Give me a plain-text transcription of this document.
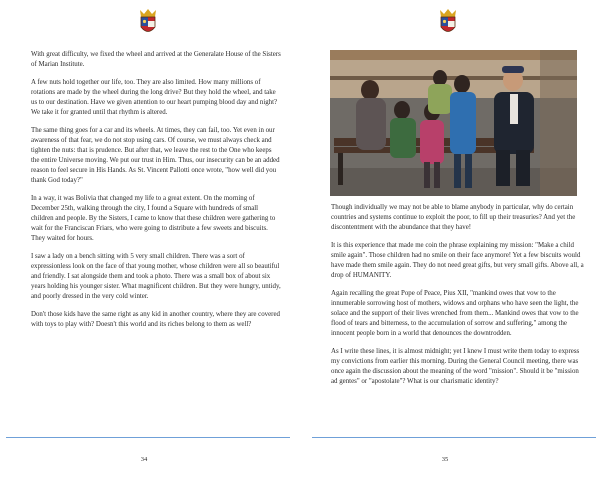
With great difficulty, we fixed the wheel and arrived at the Generalate House of the Sisters of Marian Institute.

A few nuts hold together our life, too. They are also limited. How many millions of rotations are made by the wheel during the long drive? But they hold the wheel, and take us to our destination. Have we given attention to our heart pumping blood day and night? We take it for granted until that rhythm is altered.

The same thing goes for a car and its wheels. At times, they can fail, too. Yet even in our awareness of that fear, we do not stop using cars. Of course, we must always check and tighten the nuts: that is prudence. But after that, we leave the rest to the One who keeps the entire Universe moving. We put our trust in Him. Thus, our insecurity can be an added reason to feel secure in His Hands. As St. Vincent Pallotti once wrote, "how well did you thank God today?"

In a way, it was Bolivia that changed my life to a great extent. On the morning of December 25th, walking through the city, I found a Square with hundreds of small children and people. By the Sisters, I came to know that these children were gathering to wait for the Franciscan Friars, who were going to distribute a few sweets and biscuits. They waited for hours.

I saw a lady on a bench sitting with 5 very small children. There was a sort of expressionless look on the face of that young mother, whose children were all so beautiful and friendly. I sat alongside them and took a photo. There was a small box of about six years holding his younger sister. What magnificent children. But they were hungry, untidy, and poorly dressed in the very cold winter.

Don't those kids have the same right as any kid in another country, where they are covered with toys to play with? Doesn't this world and its riches belong to them as well?

34

Though individually we may not be able to blame anybody in particular, why do certain countries and systems continue to exploit the poor, to fill up their treasuries? And yet the discontentment with the abundance that they have!

It is this experience that made me coin the phrase explaining my mission: "Make a child smile again". Those children had no smile on their face anymore! Yet a few biscuits would have made them smile again. They do not need great gifts, but very small gifts. Above all, a drop of HUMANITY.

Again recalling the great Pope of Peace, Pius XII, "mankind owes that vow to the innumerable sorrowing host of mothers, widows and orphans who have seen the light, the solace and the support of their lives wrenched from them... Mankind owes that vow to the flood of tears and bitterness, to the accumulation of sorrow and suffering," among the innocent people born in a world that denounces the downtrodden.

As I write these lines, it is almost midnight; yet I knew I must write them today to express my convictions from earlier this morning. During the General Council meeting, there was once again the discussion about the meaning of the word "mission". Should it be "mission ad gentes" or "apostolate"? What is our charismatic identity?

35
